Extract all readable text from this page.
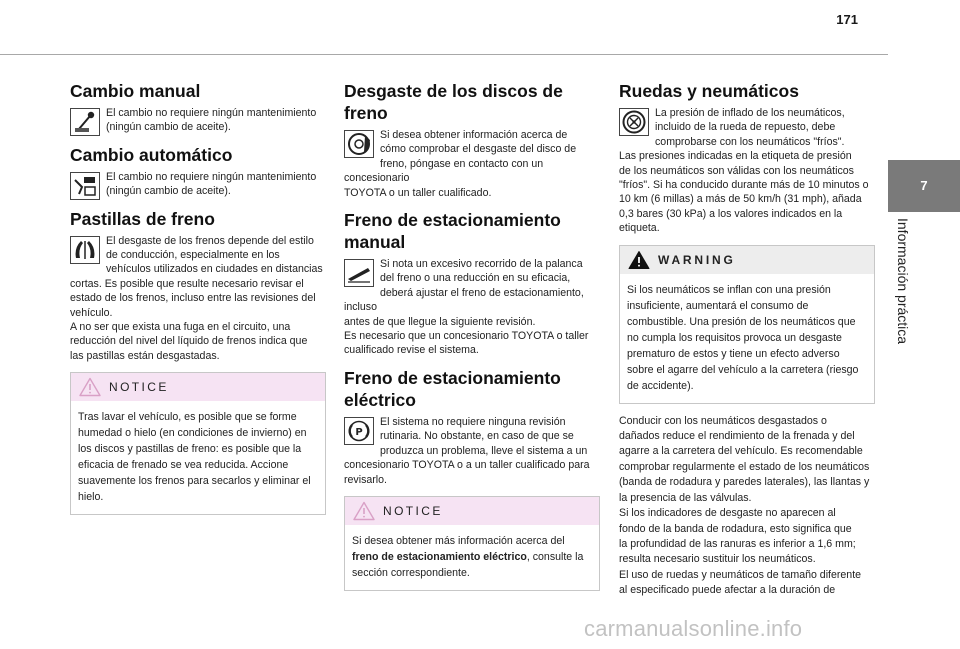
171
7
Información práctica
Cambio manual
El cambio no requiere ningún mantenimiento
(ningún cambio de aceite).
Cambio automático
El cambio no requiere ningún mantenimiento
(ningún cambio de aceite).
Pastillas de freno
El desgaste de los frenos depende del estilo
de conducción, especialmente en los
vehículos utilizados en ciudades en distancias
cortas. Es posible que resulte necesario revisar el
estado de los frenos, incluso entre las revisiones del
vehículo.
A no ser que exista una fuga en el circuito, una
reducción del nivel del líquido de frenos indica que
las pastillas están desgastadas.
NOTICE
Tras lavar el vehículo, es posible que se forme
humedad o hielo (en condiciones de invierno) en
los discos y pastillas de freno: es posible que la
eficacia de frenado se vea reducida. Accione
suavemente los frenos para secarlos y eliminar el
hielo.
Desgaste de los discos de
freno
Si desea obtener información acerca de
cómo comprobar el desgaste del disco de
freno, póngase en contacto con un concesionario
TOYOTA o un taller cualificado.
Freno de estacionamiento
manual
Si nota un excesivo recorrido de la palanca
del freno o una reducción en su eficacia,
deberá ajustar el freno de estacionamiento, incluso
antes de que llegue la siguiente revisión.
Es necesario que un concesionario TOYOTA o taller
cualificado revise el sistema.
Freno de estacionamiento
eléctrico
P
El sistema no requiere ninguna revisión
rutinaria. No obstante, en caso de que se
produzca un problema, lleve el sistema a un
concesionario TOYOTA o a un taller cualificado para
revisarlo.
NOTICE
Si desea obtener más información acerca del
freno de estacionamiento eléctrico, consulte la
sección correspondiente.
Ruedas y neumáticos
La presión de inflado de los neumáticos,
incluido de la rueda de repuesto, debe
comprobarse con los neumáticos "fríos".
Las presiones indicadas en la etiqueta de presión
de los neumáticos son válidas con los neumáticos
"fríos". Si ha conducido durante más de 10 minutos o
10 km (6 millas) a más de 50 km/h (31 mph), añada
0,3 bares (30 kPa) a los valores indicados en la
etiqueta.
WARNING
Si los neumáticos se inflan con una presión
insuficiente, aumentará el consumo de
combustible. Una presión de los neumáticos que
no cumpla los requisitos provoca un desgaste
prematuro de estos y tiene un efecto adverso
sobre el agarre del vehículo a la carretera (riesgo
de accidente).
Conducir con los neumáticos desgastados o
dañados reduce el rendimiento de la frenada y del
agarre a la carretera del vehículo. Es recomendable
comprobar regularmente el estado de los neumáticos
(banda de rodadura y paredes laterales), las llantas y
la presencia de las válvulas.
Si los indicadores de desgaste no aparecen al
fondo de la banda de rodadura, esto significa que
la profundidad de las ranuras es inferior a 1,6 mm;
resulta necesario sustituir los neumáticos.
El uso de ruedas y neumáticos de tamaño diferente
al especificado puede afectar a la duración de
carmanualsonline.info
